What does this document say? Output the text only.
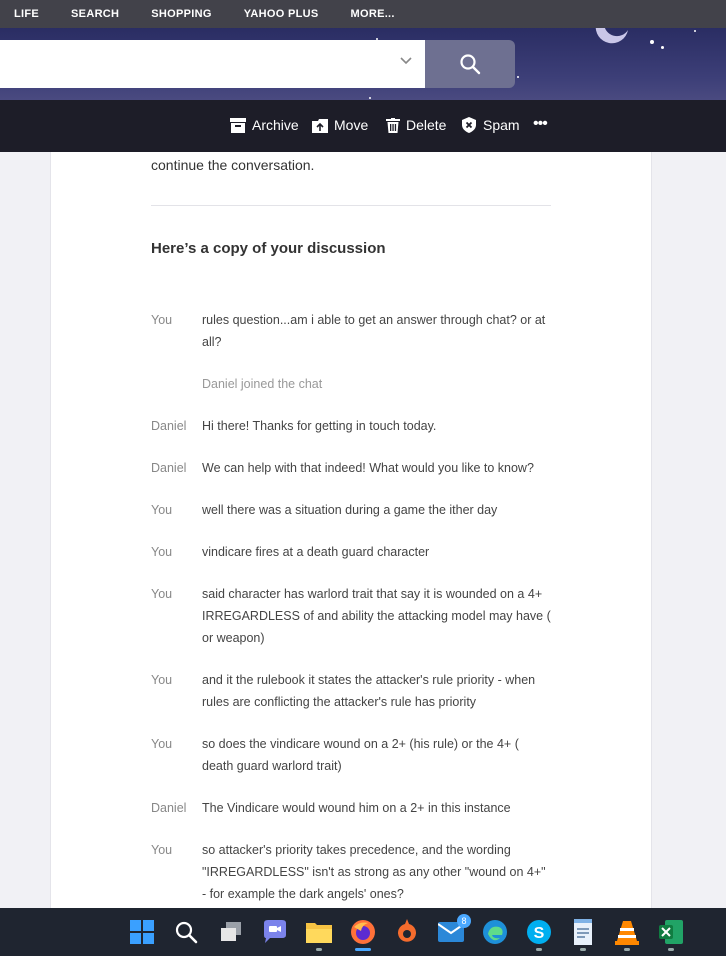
LIFE	SEARCH	SHOPPING	YAHOO PLUS	MORE...
Archive	Move	Delete	Spam •••
continue the conversation.
Here’s a copy of your discussion
You	rules question...am i able to get an answer through chat? or at all?
Daniel joined the chat
Daniel	Hi there! Thanks for getting in touch today.
Daniel	We can help with that indeed! What would you like to know?
You	well there was a situation during a game the ither day
You	vindicare fires at a death guard character
You	said character has warlord trait that say it is wounded on a 4+ IRREGARDLESS of and ability the attacking model may have ( or weapon)
You	and it the rulebook it states the attacker's rule priority - when rules are conflicting the attacker's rule has priority
You	so does the vindicare wound on a 2+ (his rule) or the 4+ ( death guard warlord trait)
Daniel	The Vindicare would wound him on a 2+ in this instance
You	so attacker's priority takes precedence, and the wording "IRREGARDLESS" isn't as strong as any other "wound on 4+" - for example the dark angels' ones?
8
S
